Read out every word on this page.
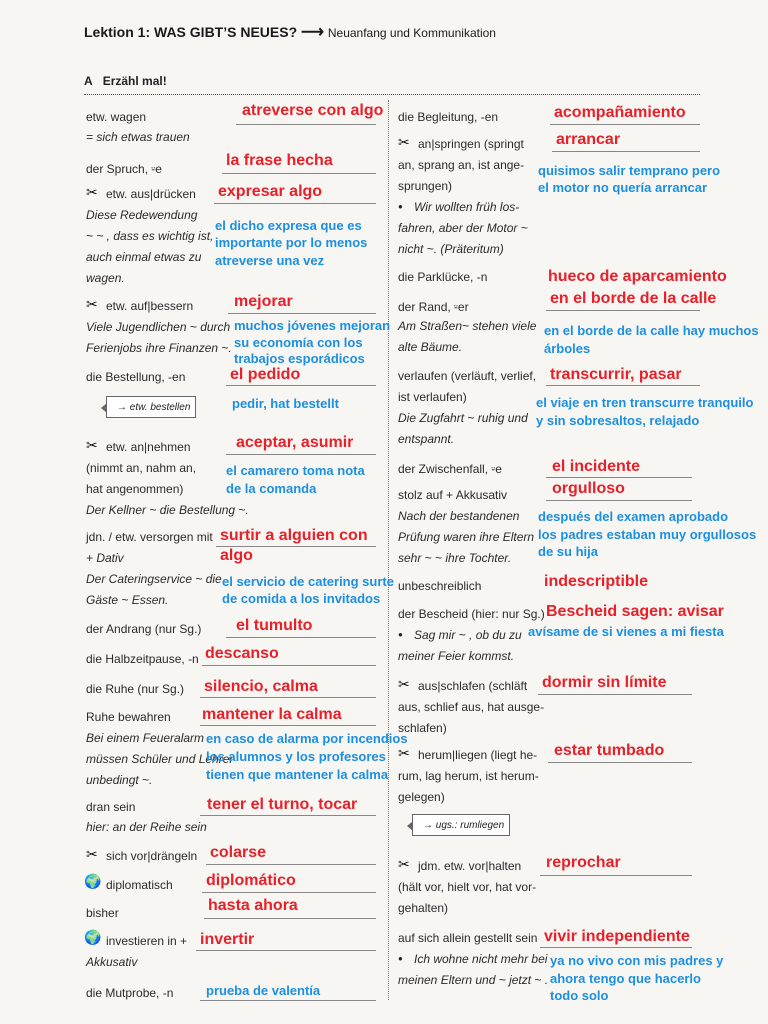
Lektion 1: WAS GIBT’S NEUES? ⟶ Neuanfang und Kommunikation
A Erzähl mal!
etw. wagen
= sich etwas trauen
atreverse con algo
der Spruch, ⸚e	la frase hecha
✂ etw. aus|drücken expresar algo
Diese Redewendung
~ ~ , dass es wichtig ist,
auch einmal etwas zu
wagen.
el dicho expresa que es
importante por lo menos
atreverse una vez
✂ etw. auf|bessern	mejorar
Viele Jugendlichen ~ durch
Ferienjobs ihre Finanzen ~.
muchos jóvenes mejoran
su economía con los
trabajos esporádicos
die Bestellung, -en	el pedido
→ etw. bestellen	pedir, hat bestellt
✂ etw. an|nehmen	aceptar, asumir
(nimmt an, nahm an,
hat angenommen)
Der Kellner ~ die Bestellung ~.
el camarero toma nota
de la comanda
jdn. / etw. versorgen mit
+ Dativ
surtir a alguien con
algo
Der Cateringservice ~ die
Gäste ~ Essen.
el servicio de catering surte
de comida a los invitados
der Andrang (nur Sg.) el tumulto
die Halbzeitpause, -n descanso
die Ruhe (nur Sg.) silencio, calma
Ruhe bewahren mantener la calma
Bei einem Feueralarm
müssen Schüler und Lehrer
unbedingt ~.
en caso de alarma por incendios
los alumnos y los profesores
tienen que mantener la calma
dran sein
hier: an der Reihe sein
tener el turno, tocar
✂ sich vor|drängeln colarse
🌍 diplomatisch diplomático
bisher	hasta ahora
🌍 investieren in +
Akkusativ
invertir
die Mutprobe, -n	prueba de valentía
die Begleitung, -en	acompañamiento
✂ an|springen (springt
an, sprang an, ist ange-
sprungen)
arrancar
● Wir wollten früh los-
fahren, aber der Motor ~
nicht ~. (Präteritum)
quisimos salir temprano pero
el motor no quería arrancar
die Parklücke, -n	hueco de aparcamiento
der Rand, ⸚er	en el borde de la calle
Am Straßen~ stehen viele
alte Bäume.
en el borde de la calle hay muchos
árboles
verlaufen (verläuft, verlief,
ist verlaufen)
transcurrir, pasar
Die Zugfahrt ~ ruhig und
entspannt.
el viaje en tren transcurre tranquilo
y sin sobresaltos, relajado
der Zwischenfall, ⸚e	el incidente
stolz auf + Akkusativ	orgulloso
Nach der bestandenen
Prüfung waren ihre Eltern
sehr ~ ~ ihre Tochter.
después del examen aprobado
los padres estaban muy orgullosos
de su hija
unbeschreiblich	indescriptible
der Bescheid (hier: nur Sg.) Bescheid sagen: avisar
● Sag mir ~ , ob du zu
meiner Feier kommst.
avísame de si vienes a mi fiesta
✂ aus|schlafen (schläft
aus, schlief aus, hat ausge-
schlafen)
dormir sin límite
✂ herum|liegen (liegt he-
rum, lag herum, ist herum-
gelegen)
estar tumbado
→ ugs.: rumliegen
✂ jdm. etw. vor|halten
(hält vor, hielt vor, hat vor-
gehalten)
reprochar
auf sich allein gestellt sein vivir independiente
● Ich wohne nicht mehr bei
meinen Eltern und ~ jetzt ~ .
ya no vivo con mis padres y
ahora tengo que hacerlo
todo solo
